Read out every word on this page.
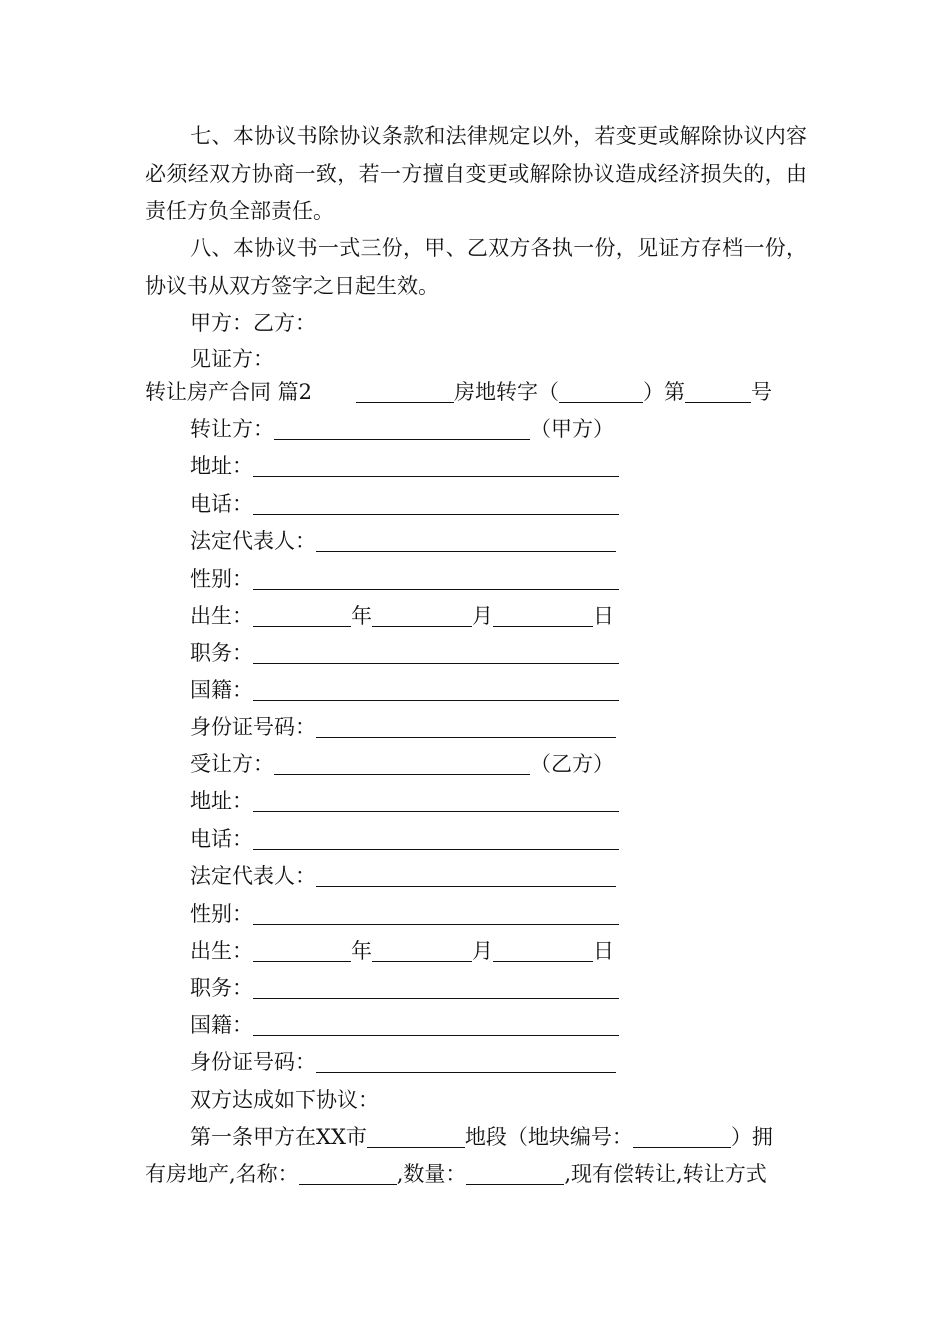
七、本协议书除协议条款和法律规定以外，若变更或解除协议内容必须经双方协商一致，若一方擅自变更或解除协议造成经济损失的，由责任方负全部责任。

八、本协议书一式三份，甲、乙双方各执一份，见证方存档一份，协议书从双方签字之日起生效。

甲方：乙方：
见证方：
转让房产合同 篇2	房地转字（	）第	号
转让方：	（甲方）
地址：
电话：
法定代表人：
性别：
出生：	年	月	日
职务：
国籍：
身份证号码：
受让方：	（乙方）
地址：
电话：
法定代表人：
性别：
出生：	年	月	日
职务：
国籍：
身份证号码：
双方达成如下协议：
第一条甲方在XX市	地段（地块编号：	）拥
有房地产,名称：	,数量：	,现有偿转让,转让方式
